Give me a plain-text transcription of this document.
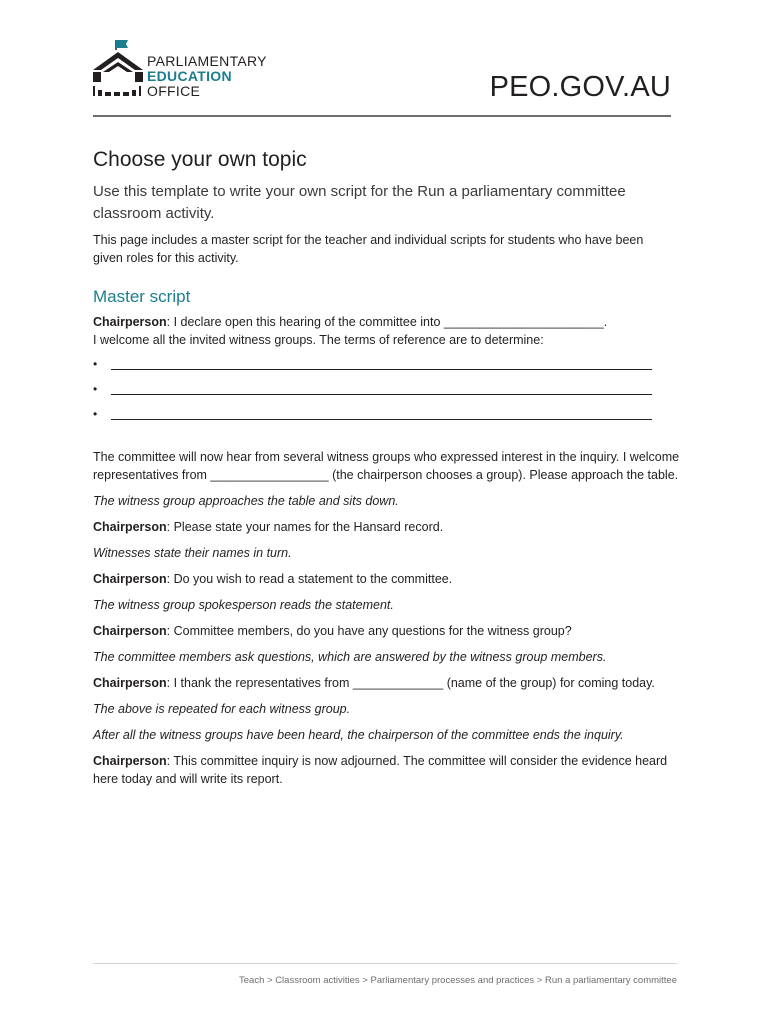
PARLIAMENTARY
EDUCATION
OFFICE	PEO.GOV.AU
Choose your own topic

Use this template to write your own script for the Run a parliamentary committee classroom activity.

This page includes a master script for the teacher and individual scripts for students who have been given roles for this activity.

Master script

Chairperson: I declare open this hearing of the committee into _______________________.

I welcome all the invited witness groups. The terms of reference are to determine:

•
•
•

The committee will now hear from several witness groups who expressed interest in the inquiry. I welcome representatives from _________________ (the chairperson chooses a group). Please approach the table.

The witness group approaches the table and sits down.

Chairperson: Please state your names for the Hansard record.

Witnesses state their names in turn.

Chairperson: Do you wish to read a statement to the committee.

The witness group spokesperson reads the statement.

Chairperson: Committee members, do you have any questions for the witness group?

The committee members ask questions, which are answered by the witness group members.

Chairperson: I thank the representatives from _____________ (name of the group) for coming today.

The above is repeated for each witness group.

After all the witness groups have been heard, the chairperson of the committee ends the inquiry.

Chairperson: This committee inquiry is now adjourned. The committee will consider the evidence heard here today and will write its report.

Teach > Classroom activities > Parliamentary processes and practices > Run a parliamentary committee
